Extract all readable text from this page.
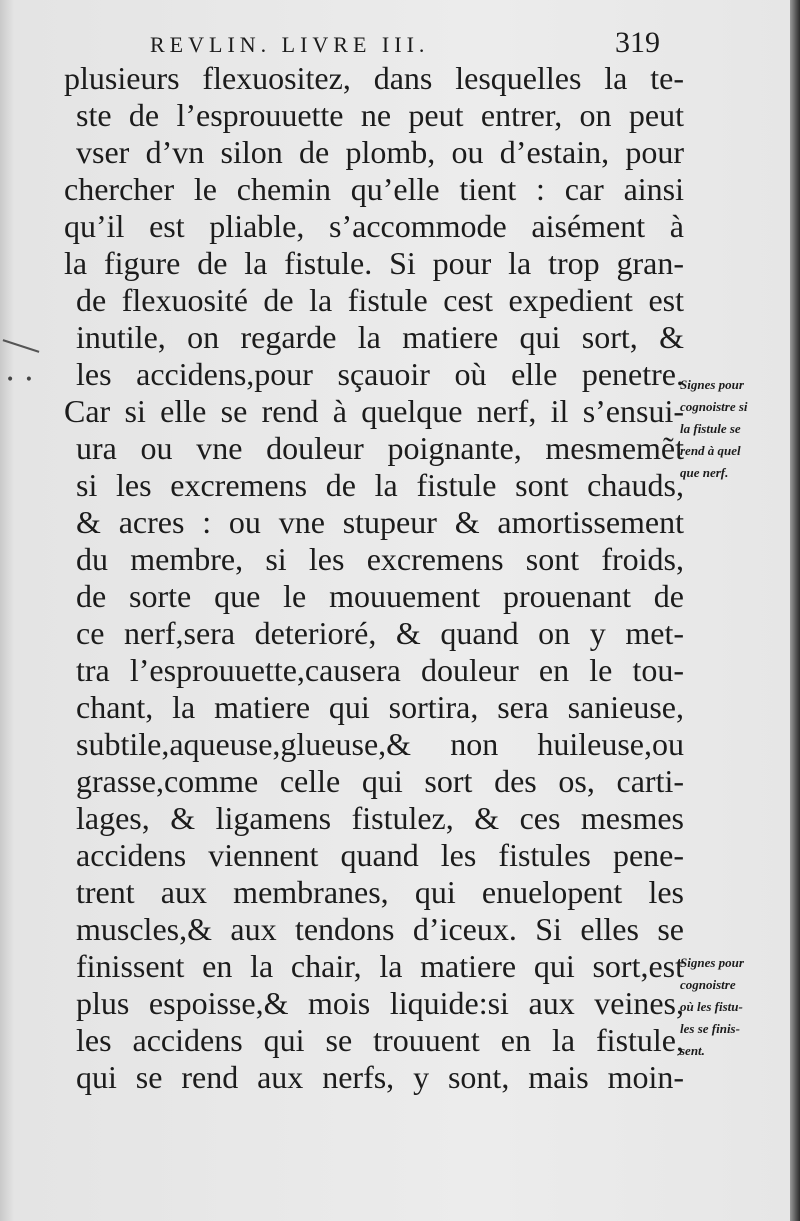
• •
REVLIN. LIVRE III.	319
plusieurs flexuositez, dans lesquelles la te-
ste de l’esprouuette ne peut entrer, on peut
vser d’vn silon de plomb, ou d’estain, pour
chercher le chemin qu’elle tient : car ainsi
qu’il est pliable, s’accommode aisément à
la figure de la fistule. Si pour la trop gran-
de flexuosité de la fistule cest expedient est
inutile, on regarde la matiere qui sort, &
les accidens,pour sçauoir où elle penetre.
Car si elle se rend à quelque nerf, il s’ensui-
ura ou vne douleur poignante, mesmemẽt
si les excremens de la fistule sont chauds,
& acres : ou vne stupeur & amortissement
du membre, si les excremens sont froids,
de sorte que le mouuement prouenant de
ce nerf,sera deterioré, & quand on y met-
tra l’esprouuette,causera douleur en le tou-
chant, la matiere qui sortira, sera sanieuse,
subtile,aqueuse,glueuse,& non huileuse,ou
grasse,comme celle qui sort des os, carti-
lages, & ligamens fistulez, & ces mesmes
accidens viennent quand les fistules pene-
trent aux membranes, qui enuelopent les
muscles,& aux tendons d’iceux. Si elles se
finissent en la chair, la matiere qui sort,est
plus espoisse,& mois liquide:si aux veines,
les accidens qui se trouuent en la fistule,
qui se rend aux nerfs, y sont, mais moin-
Signes pour
cognoistre si
la fistule se
rend à quel
que nerf.
Signes pour
cognoistre
où les fistu-
les se finis-
sent.
